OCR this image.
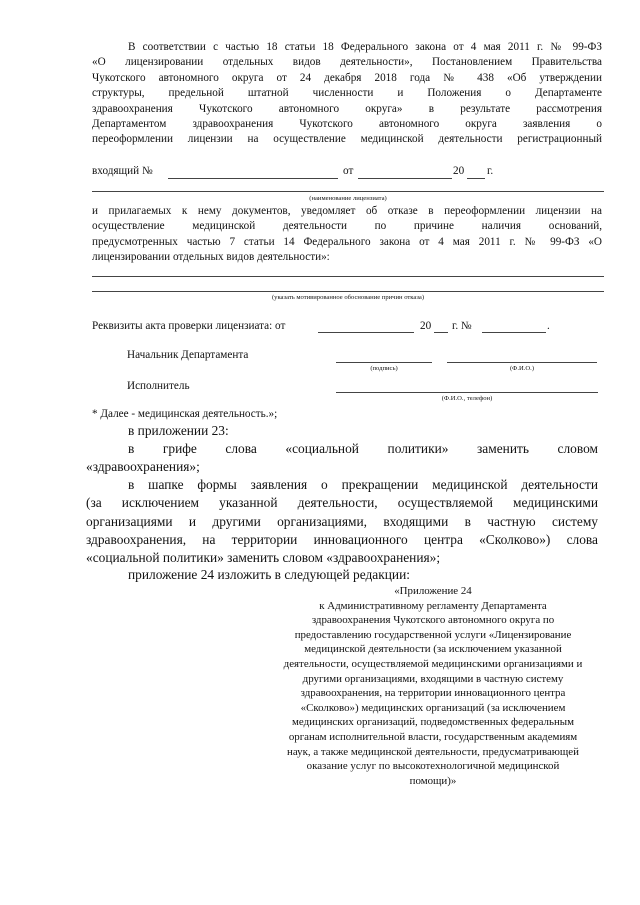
В соответствии с частью 18 статьи 18 Федерального закона от 4 мая 2011 г. № 99-ФЗ
«О лицензировании отдельных видов деятельности», Постановлением Правительства
Чукотского автономного округа от 24 декабря 2018 года № 438 «Об утверждении
структуры, предельной штатной численности и Положения о Департаменте
здравоохранения Чукотского автономного округа» в результате рассмотрения
Департаментом здравоохранения Чукотского автономного округа заявления о
переоформлении лицензии на осуществление медицинской деятельности регистрационный
входящий №	от	20 г.
(наименование лицензиата)
и прилагаемых к нему документов, уведомляет об отказе в переоформлении лицензии на
осуществление медицинской деятельности по причине наличия оснований,
предусмотренных частью 7 статьи 14 Федерального закона от 4 мая 2011 г. № 99-ФЗ «О
лицензировании отдельных видов деятельности»:
(указать мотивированное обоснование причин отказа)
Реквизиты акта проверки лицензиата: от	20 г. №	.
Начальник Департамента
(подпись)	(Ф.И.О.)
Исполнитель
(Ф.И.О., телефон)
* Далее - медицинская деятельность.»;
в приложении 23:
в грифе слова «социальной политики» заменить словом
«здравоохранения»;
в шапке формы заявления о прекращении медицинской деятельности
(за исключением указанной деятельности, осуществляемой медицинскими
организациями и другими организациями, входящими в частную систему
здравоохранения, на территории инновационного центра «Сколково») слова
«социальной политики» заменить словом «здравоохранения»;
приложение 24 изложить в следующей редакции:
«Приложение 24
к Административному регламенту Департамента
здравоохранения Чукотского автономного округа по
предоставлению государственной услуги «Лицензирование
медицинской деятельности (за исключением указанной
деятельности, осуществляемой медицинскими организациями и
другими организациями, входящими в частную систему
здравоохранения, на территории инновационного центра
«Сколково») медицинских организаций (за исключением
медицинских организаций, подведомственных федеральным
органам исполнительной власти, государственным академиям
наук, а также медицинской деятельности, предусматривающей
оказание услуг по высокотехнологичной медицинской
помощи)»
